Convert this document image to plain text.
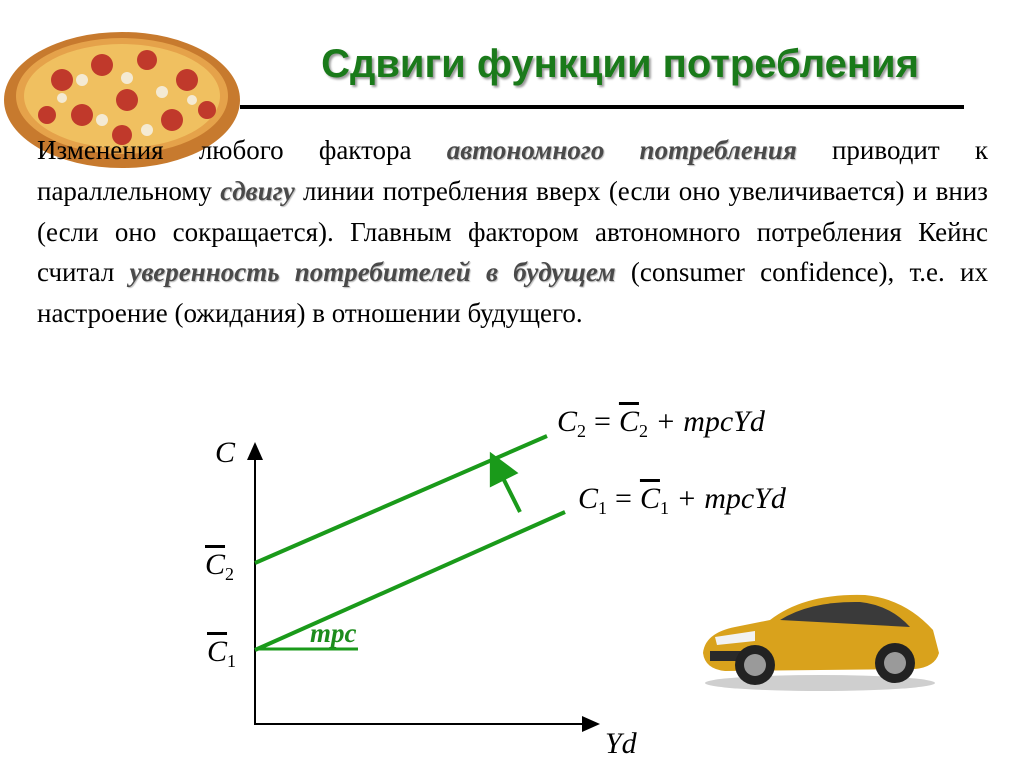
Сдвиги функции потребления
Изменения любого фактора автономного потребления приводит к параллельному сдвигу линии потребления вверх (если оно увеличивается) и вниз (если оно сокращается). Главным фактором автономного потребления Кейнс считал уверенность потребителей в будущем (consumer confidence), т.е. их настроение (ожидания) в отношении будущего.
C
Yd
$\overline{C}_2$
$\overline{C}_1$
mpc
$C_2 = \overline{C}_2$ + mpcYd
$C_1 = \overline{C}_1$ + mpcYd
